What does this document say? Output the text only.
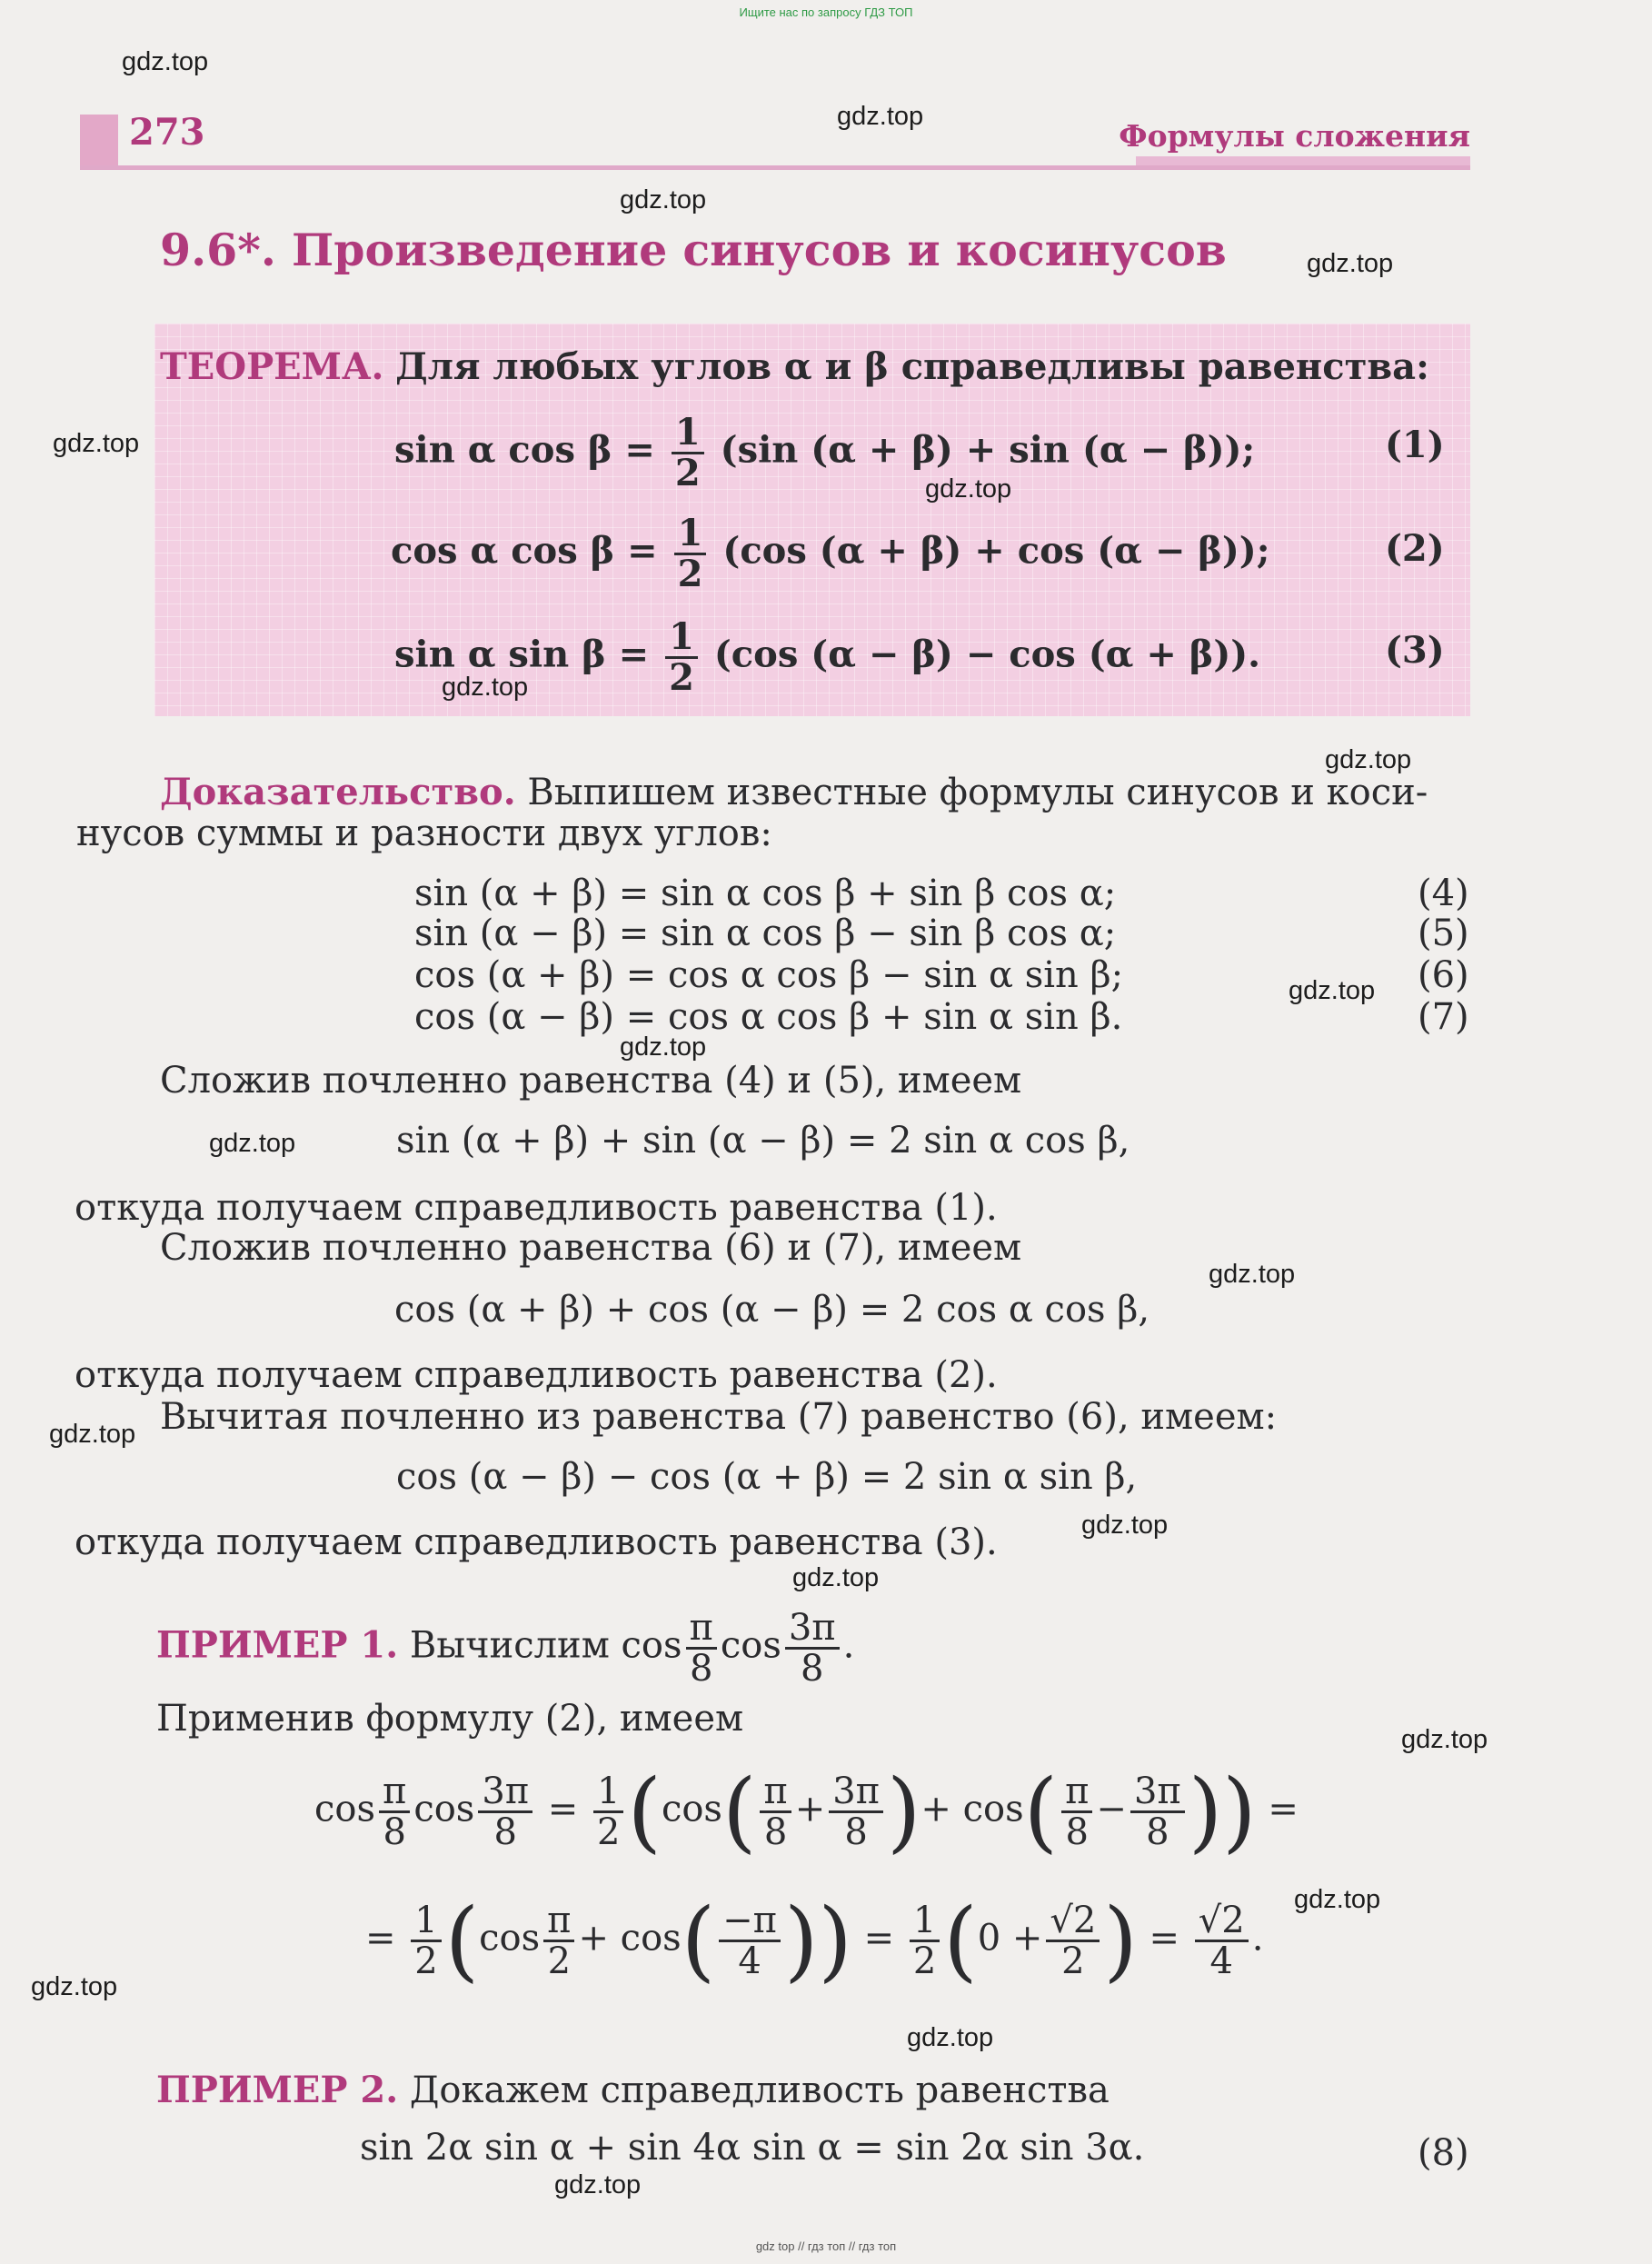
Ищите нас по запросу ГДЗ ТОП
273	Формулы сложения
9.6*. Произведение синусов и косинусов

ТЕОРЕМА. Для любых углов α и β справедливы равенства:
sin α $\cos \beta = \frac{1}{2} (\sin$ (α + β) + sin (α − β));	(1)
cos α $\cos \beta = \frac{1}{2} (\cos$ (α + β) + cos (α − β));	(2)
sin α $\sin \beta = \frac{1}{2} (\cos$ (α − β) − cos (α + β)).	(3)
Доказательство. Выпишем известные формулы синусов и коси-
нусов суммы и разности двух углов:
sin (α + β) = sin α cos β + sin β cos α;	(4)
sin (α − β) = sin α cos β − sin β cos α;	(5)
cos (α + β) = cos α cos β − sin α sin β;	(6)
cos (α − β) = cos α cos β + sin α sin β.	(7)
Сложив почленно равенства (4) и (5), имеем
sin (α + β) + sin (α − β) = 2 sin α cos β,
откуда получаем справедливость равенства (1).
Сложив почленно равенства (6) и (7), имеем
cos (α + β) + cos (α − β) = 2 cos α cos β,
откуда получаем справедливость равенства (2).
Вычитая почленно из равенства (7) равенство (6), имеем:
cos (α − β) − cos (α + β) = 2 sin α sin β,
откуда получаем справедливость равенства (3).
ПРИМЕР 1. Вычислим $\cos \frac{\pi}{8}$ $\cos \frac{3\pi}{8}$ .
Применив формулу (2), имеем
$\cos \frac{\pi}{8}$ $\cos \frac{3\pi}{8} = \frac{1}{2} (\cos( \frac{\pi}{8} + \frac{3\pi}{8}$ )+ $\cos( \frac{\pi}{8} - \frac{3\pi}{8}$ )) =
= $\frac{1}{2} (\cos \frac{\pi}{2} + \cos( \frac{-\pi}{4}$ )) = $\frac{1}{2} (0 + \frac{√2}{2}$ ) = $\frac{√2}{4}$ .
ПРИМЕР 2. Докажем справедливость равенства
sin 2α sin α + sin 4α sin α = sin 2α sin 3α.	(8)
gdz.top
gdz.top
gdz.top
gdz.top
gdz.top
gdz.top
gdz.top
gdz.top
gdz.top
gdz.top
gdz.top
gdz.top
gdz.top
gdz.top
gdz.top
gdz.top
gdz.top
gdz.top
gdz.top
gdz.top
gdz top // гдз топ // гдз топ
